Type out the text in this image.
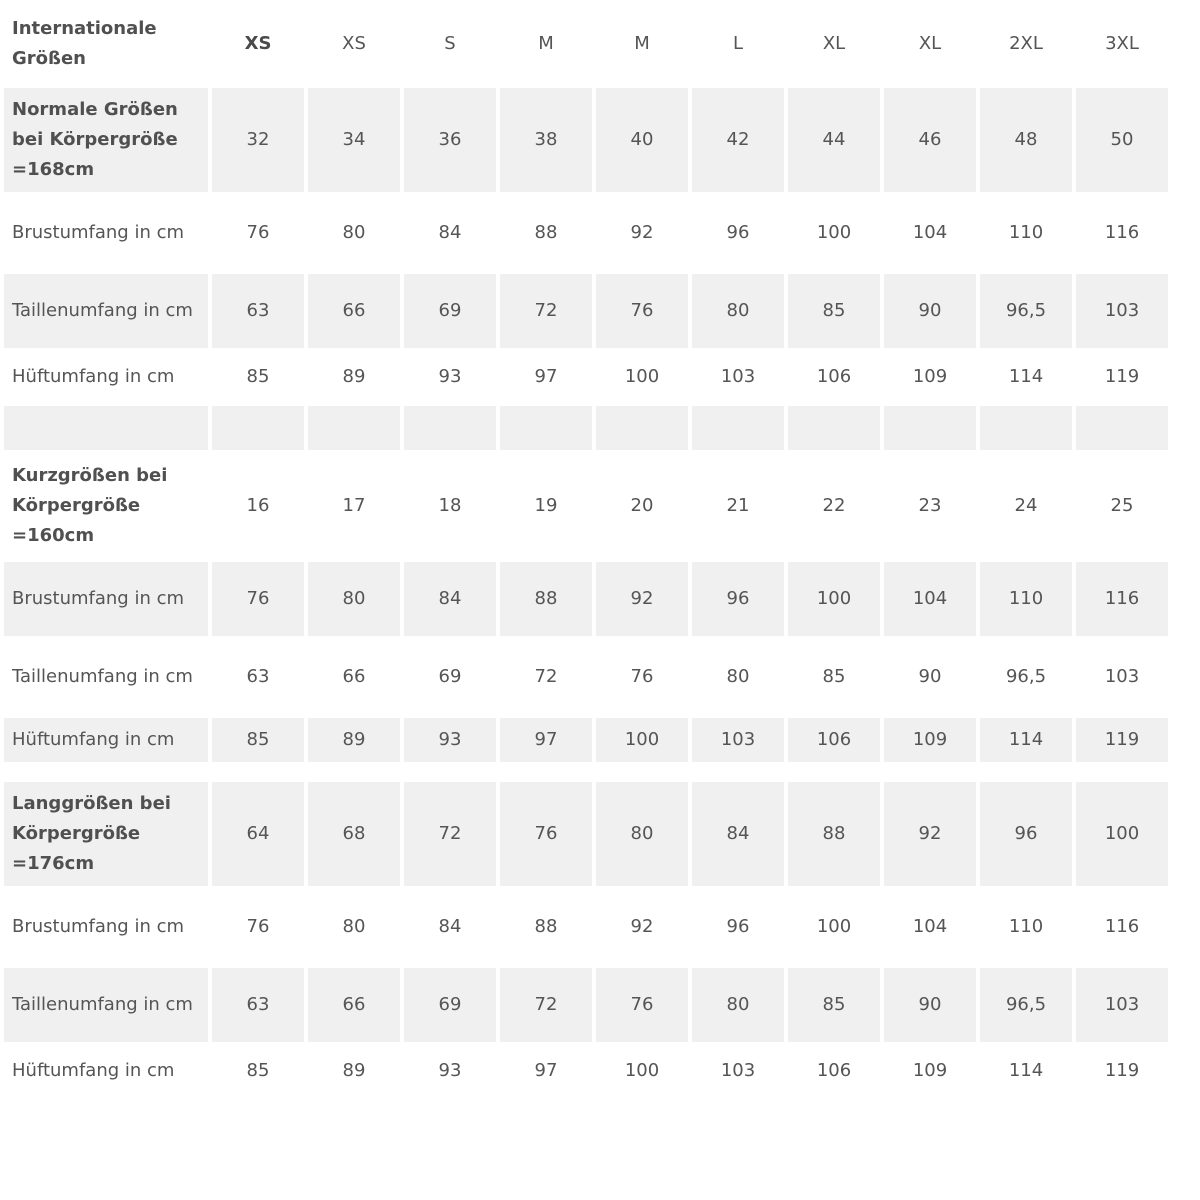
Internationale Größen	XS	XS	S	M	M	L	XL	XL	2XL	3XL
Normale Größen bei Körpergröße =168cm	32	34	36	38	40	42	44	46	48	50
Brustumfang in cm	76	80	84	88	92	96	100	104	110	116
Taillenumfang in cm	63	66	69	72	76	80	85	90	96,5	103
Hüftumfang in cm	85	89	93	97	100	103	106	109	114	119

Kurzgrößen bei Körpergröße =160cm	16	17	18	19	20	21	22	23	24	25
Brustumfang in cm	76	80	84	88	92	96	100	104	110	116
Taillenumfang in cm	63	66	69	72	76	80	85	90	96,5	103
Hüftumfang in cm	85	89	93	97	100	103	106	109	114	119

Langgrößen bei Körpergröße =176cm	64	68	72	76	80	84	88	92	96	100
Brustumfang in cm	76	80	84	88	92	96	100	104	110	116
Taillenumfang in cm	63	66	69	72	76	80	85	90	96,5	103
Hüftumfang in cm	85	89	93	97	100	103	106	109	114	119
